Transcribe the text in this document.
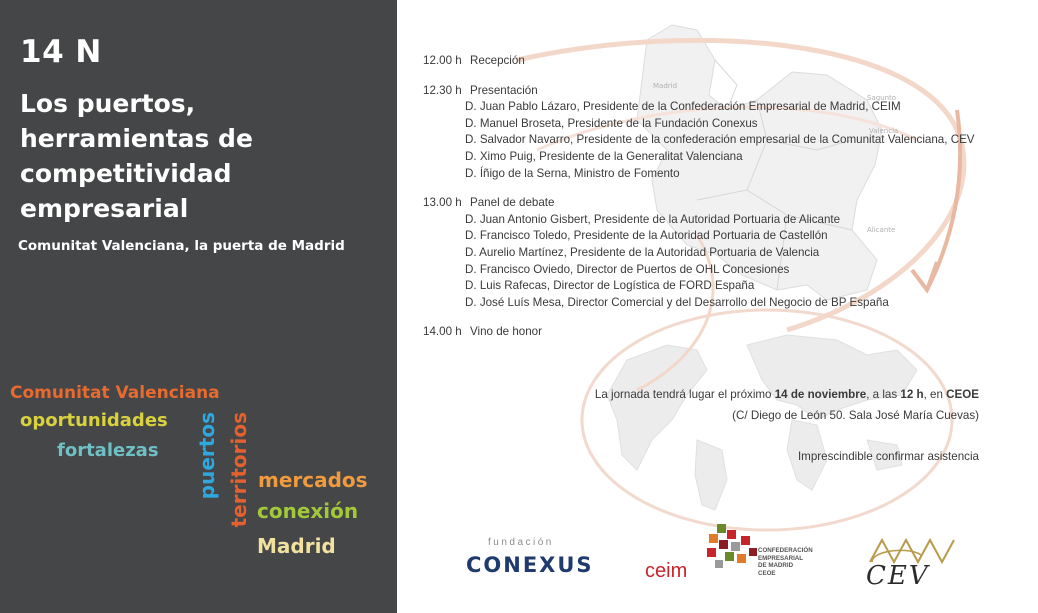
14 N
Los puertos, herramientas de competitividad empresarial
Comunitat Valenciana, la puerta de Madrid
Comunitat Valenciana
oportunidades
fortalezas puertos territorios mercados
conexión
Madrid
Madrid
Sagunto
Valencia
Alicante
12.00 h Recepción
12.30 h Presentación
D. Juan Pablo Lázaro, Presidente de la Confederación Empresarial de Madrid, CEIM
D. Manuel Broseta, Presidente de la Fundación Conexus
D. Salvador Navarro, Presidente de la confederación empresarial de la Comunitat Valenciana, CEV
D. Ximo Puig, Presidente de la Generalitat Valenciana
D. Íñigo de la Serna, Ministro de Fomento
13.00 h Panel de debate
D. Juan Antonio Gisbert, Presidente de la Autoridad Portuaria de Alicante
D. Francisco Toledo, Presidente de la Autoridad Portuaria de Castellón
D. Aurelio Martínez, Presidente de la Autoridad Portuaria de Valencia
D. Francisco Oviedo, Director de Puertos de OHL Concesiones
D. Luis Rafecas, Director de Logística de FORD España
D. José Luís Mesa, Director Comercial y del Desarrollo del Negocio de BP España
14.00 h Vino de honor
La jornada tendrá lugar el próximo 14 de noviembre, a las 12 h, en CEOE
(C/ Diego de León 50. Sala José María Cuevas)
Imprescindible confirmar asistencia
fundación
CONEXUS	ceim
CONFEDERACIÓN
EMPRESARIAL
DE MADRID
CEOE	CEV
